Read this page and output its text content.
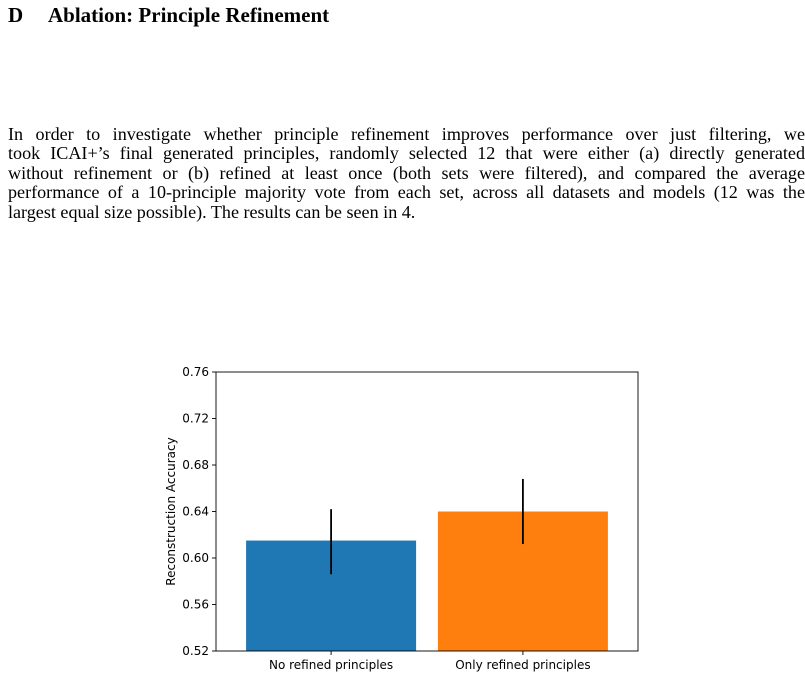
D Ablation: Principle Refinement
In order to investigate whether principle refinement improves performance over just filtering, we
took ICAI+’s final generated principles, randomly selected 12 that were either (a) directly generated
without refinement or (b) refined at least once (both sets were filtered), and compared the average
performance of a 10-principle majority vote from each set, across all datasets and models (12 was the
largest equal size possible). The results can be seen in 4.
No refined principles	Only refined principles
0.52
0.56
0.60
0.64
0.68
0.72
0.76
Reconstruction Accuracy
